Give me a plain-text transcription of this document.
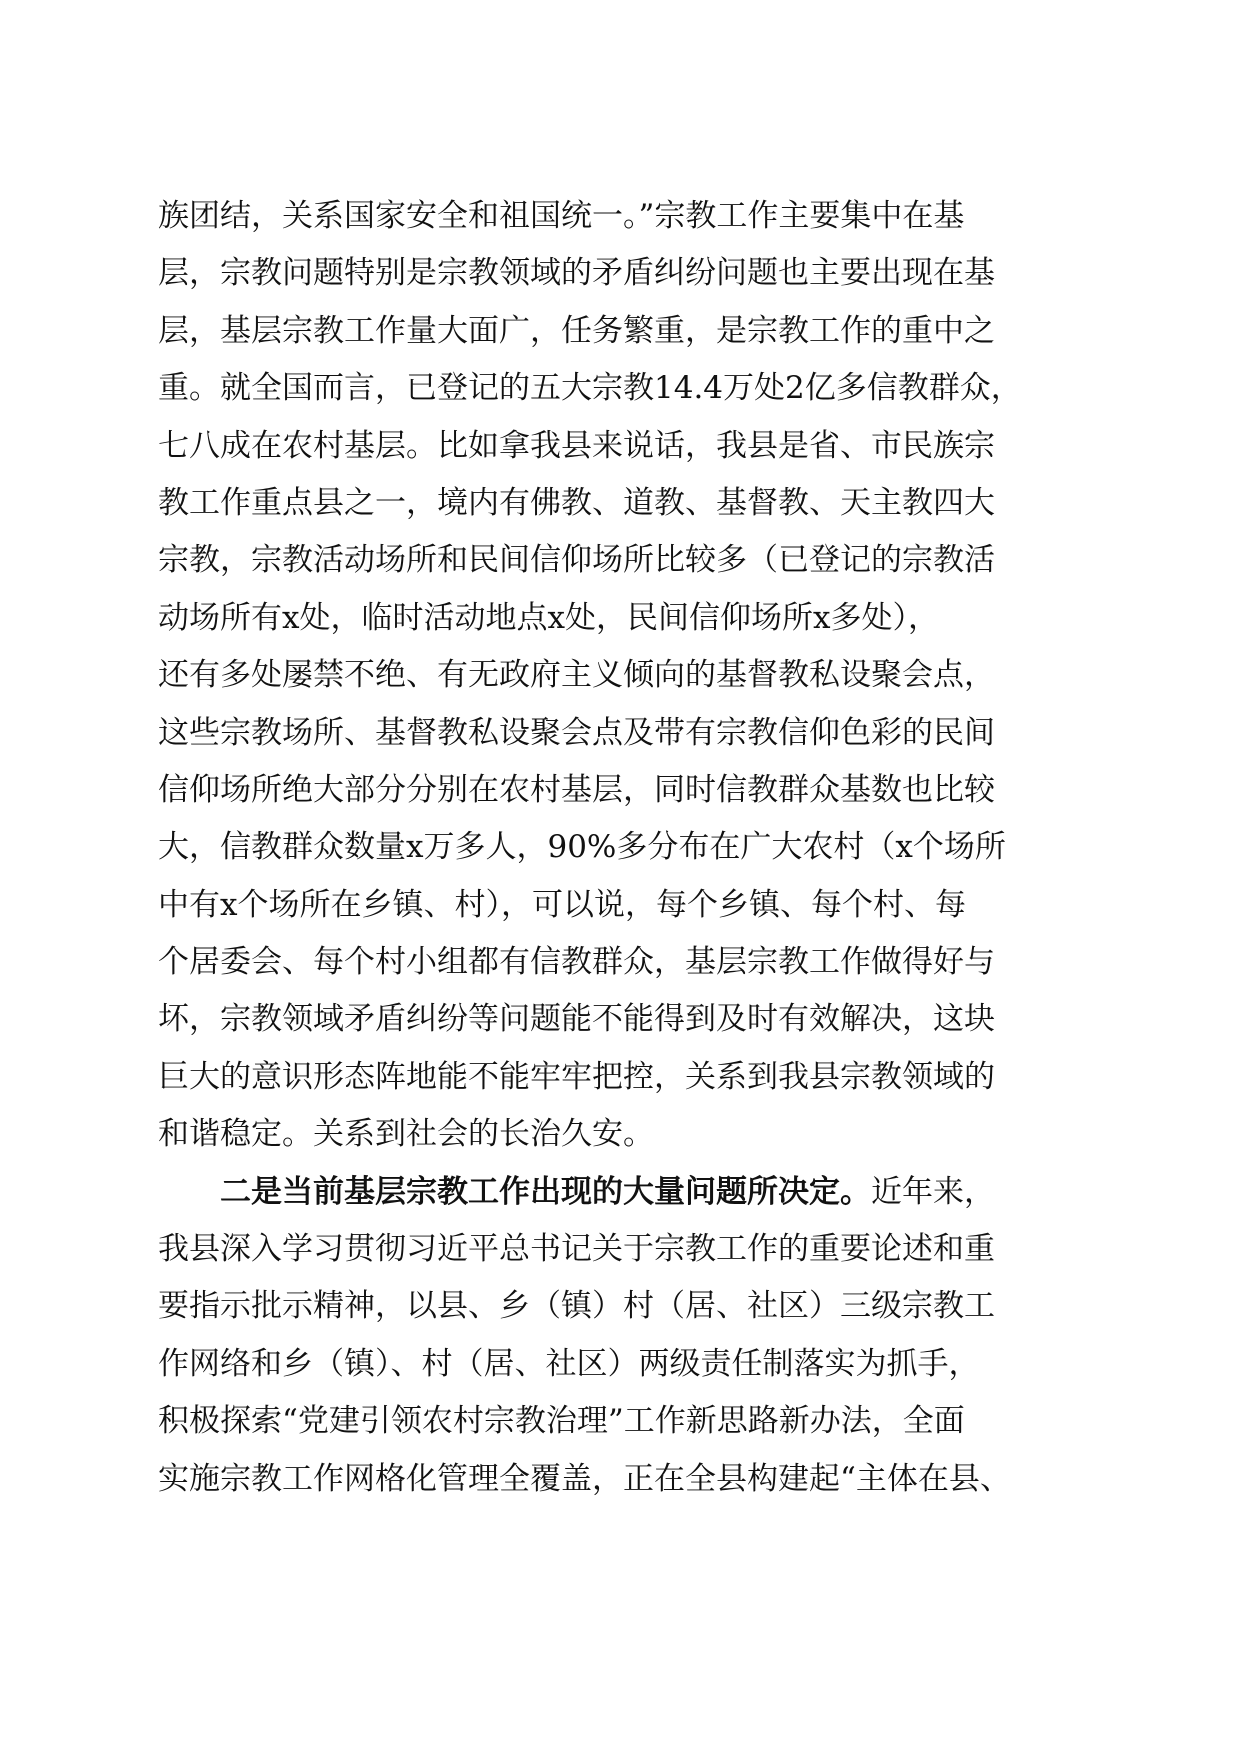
族团结，关系国家安全和祖国统一。”宗教工作主要集中在基
层，宗教问题特别是宗教领域的矛盾纠纷问题也主要出现在基
层，基层宗教工作量大面广，任务繁重，是宗教工作的重中之
重。就全国而言，已登记的五大宗教14.4万处2亿多信教群众，
七八成在农村基层。比如拿我县来说话，我县是省、市民族宗
教工作重点县之一，境内有佛教、道教、基督教、天主教四大
宗教，宗教活动场所和民间信仰场所比较多（已登记的宗教活
动场所有x处，临时活动地点x处，民间信仰场所x多处），
还有多处屡禁不绝、有无政府主义倾向的基督教私设聚会点，
这些宗教场所、基督教私设聚会点及带有宗教信仰色彩的民间
信仰场所绝大部分分别在农村基层，同时信教群众基数也比较
大，信教群众数量x万多人，90%多分布在广大农村（x个场所
中有x个场所在乡镇、村），可以说，每个乡镇、每个村、每
个居委会、每个村小组都有信教群众，基层宗教工作做得好与
坏，宗教领域矛盾纠纷等问题能不能得到及时有效解决，这块
巨大的意识形态阵地能不能牢牢把控，关系到我县宗教领域的
和谐稳定。关系到社会的长治久安。
二是当前基层宗教工作出现的大量问题所决定。近年来，
我县深入学习贯彻习近平总书记关于宗教工作的重要论述和重
要指示批示精神，以县、乡（镇）村（居、社区）三级宗教工
作网络和乡（镇）、村（居、社区）两级责任制落实为抓手，
积极探索“党建引领农村宗教治理”工作新思路新办法，全面
实施宗教工作网格化管理全覆盖，正在全县构建起“主体在县、
